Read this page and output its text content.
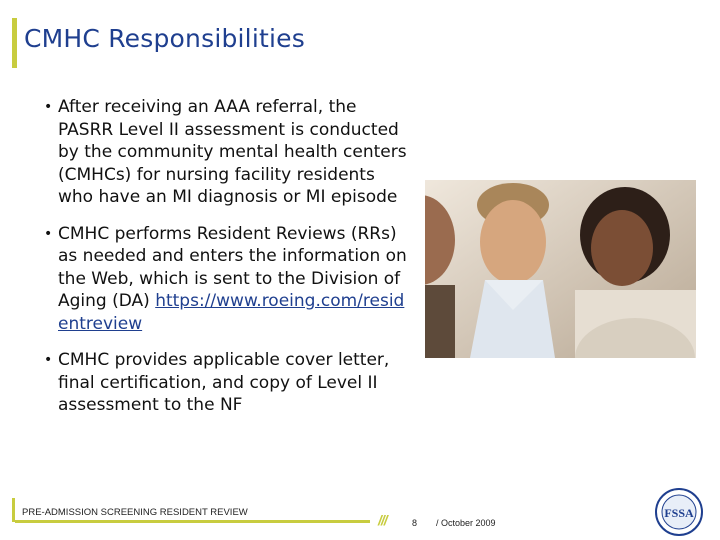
CMHC Responsibilities
• After receiving an AAA referral, the PASRR Level II assessment is conducted by the community mental health centers (CMHCs) for nursing facility residents who have an MI diagnosis or MI episode
• CMHC performs Resident Reviews (RRs) as needed and enters the information on the Web, which is sent to the Division of Aging (DA) https://www.roeing.com/residentreview
• CMHC provides applicable cover letter, final certification, and copy of Level II assessment to the NF
PRE-ADMISSION SCREENING RESIDENT REVIEW	///	8 / October 2009
FSSA
